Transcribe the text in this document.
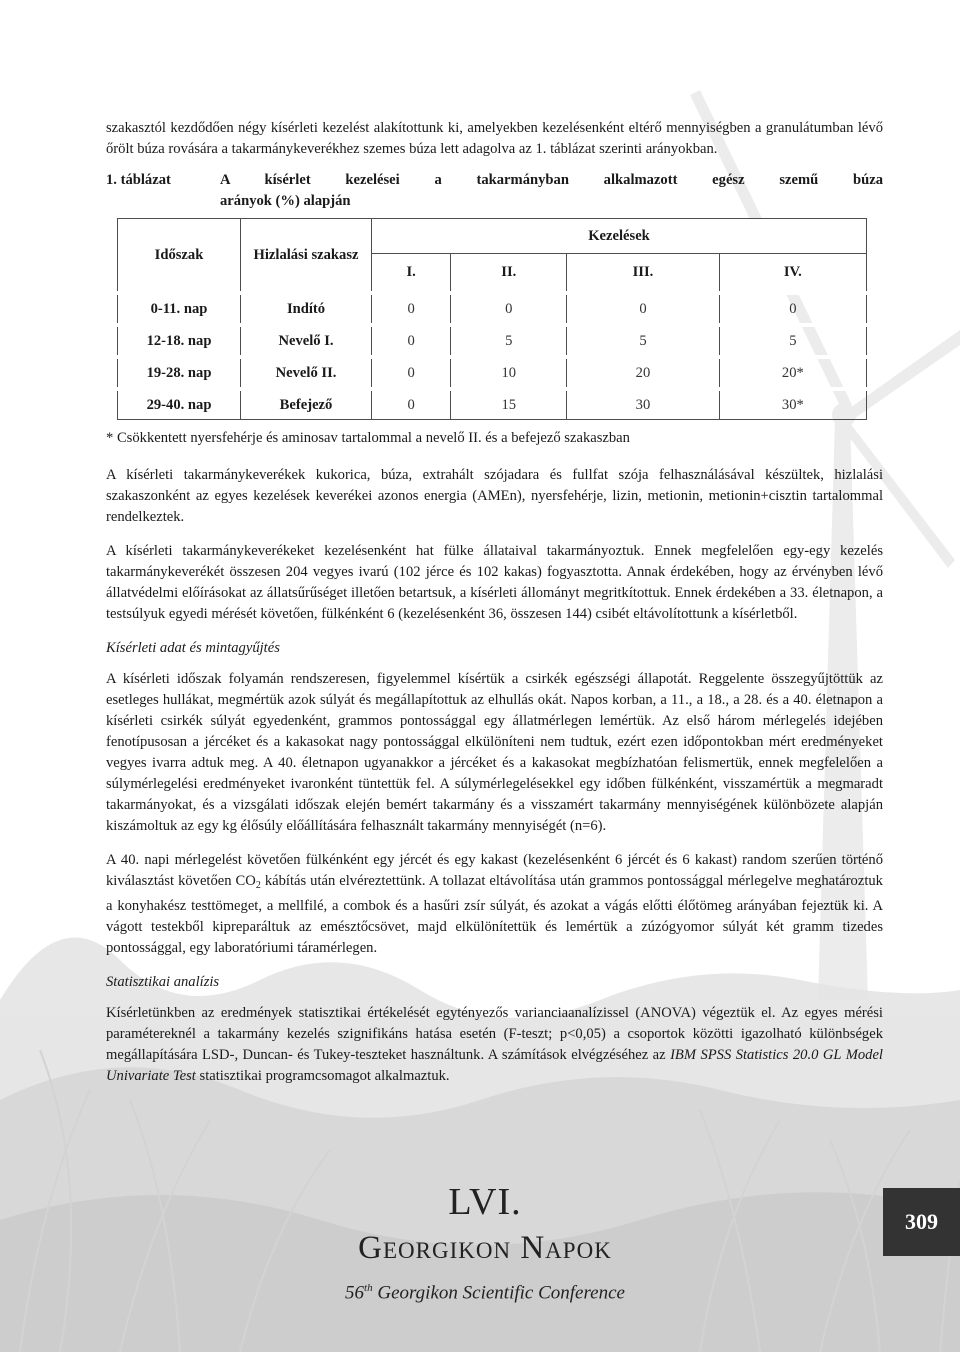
szakasztól kezdődően négy kísérleti kezelést alakítottunk ki, amelyekben kezelésenként eltérő mennyiségben a granulátumban lévő őrölt búza rovására a takarmánykeverékhez szemes búza lett adagolva az 1. táblázat szerinti arányokban.

1. táblázat	A kísérlet kezelései a takarmányban alkalmazott egész szemű búza
arányok (%) alapján
Időszak	Hizlalási szakasz	Kezelések			
		I.	II.	III.	IV.
0-11. nap	Indító	0	0	0	0
12-18. nap	Nevelő I.	0	5	5	5
19-28. nap	Nevelő II.	0	10	20	20*
29-40. nap	Befejező	0	15	30	30*

* Csökkentett nyersfehérje és aminosav tartalommal a nevelő II. és a befejező szakaszban

A kísérleti takarmánykeverékek kukorica, búza, extrahált szójadara és fullfat szója felhasználásával készültek, hizlalási szakaszonként az egyes kezelések keverékei azonos energia (AMEn), nyersfehérje, lizin, metionin, metionin+cisztin tartalommal rendelkeztek.

A kísérleti takarmánykeverékeket kezelésenként hat fülke állataival takarmányoztuk. Ennek megfelelően egy-egy kezelés takarmánykeverékét összesen 204 vegyes ivarú (102 jérce és 102 kakas) fogyasztotta. Annak érdekében, hogy az érvényben lévő állatvédelmi előírásokat az állatsűrűséget illetően betartsuk, a kísérleti állományt megritkítottuk. Ennek érdekében a 33. életnapon, a testsúlyuk egyedi mérését követően, fülkénként 6 (kezelésenként 36, összesen 144) csibét eltávolítottunk a kísérletből.

Kísérleti adat és mintagyűjtés

A kísérleti időszak folyamán rendszeresen, figyelemmel kísértük a csirkék egészségi állapotát. Reggelente összegyűjtöttük az esetleges hullákat, megmértük azok súlyát és megállapítottuk az elhullás okát. Napos korban, a 11., a 18., a 28. és a 40. életnapon a kísérleti csirkék súlyát egyedenként, grammos pontossággal egy állatmérlegen lemértük. Az első három mérlegelés idejében fenotípusosan a jércéket és a kakasokat nagy pontossággal elkülöníteni nem tudtuk, ezért ezen időpontokban mért eredményeket vegyes ivarra adtuk meg. A 40. életnapon ugyanakkor a jércéket és a kakasokat megbízhatóan felismertük, ennek megfelelően a súlymérlegelési eredményeket ivaronként tüntettük fel. A súlymérlegelésekkel egy időben fülkénként, visszamértük a megmaradt takarmányokat, és a vizsgálati időszak elején bemért takarmány és a visszamért takarmány mennyiségének különbözete alapján kiszámoltuk az egy kg élősúly előállítására felhasznált takarmány mennyiségét (n=6).

A 40. napi mérlegelést követően fülkénként egy jércét és egy kakast (kezelésenként 6 jércét és 6 kakast) random szerűen történő kiválasztást követően $CO_2$ kábítás után elvéreztettünk. A tollazat eltávolítása után grammos pontossággal mérlegelve meghatároztuk a konyhakész testtömeget, a mellfilé, a combok és a hasűri zsír súlyát, és azokat a vágás előtti élőtömeg arányában fejeztük ki. A vágott testekből kipreparáltuk az emésztőcsövet, majd elkülönítettük és lemértük a zúzógyomor súlyát két gramm tizedes pontossággal, egy laboratóriumi táramérlegen.

Statisztikai analízis

Kísérletünkben az eredmények statisztikai értékelését egytényezős varianciaanalízissel (ANOVA) végeztük el. Az egyes mérési paramétereknél a takarmány kezelés szignifikáns hatása esetén (F-teszt; p<0,05) a csoportok közötti igazolható különbségek megállapítására LSD-, Duncan- és Tukey-teszteket használtunk. A számítások elvégzéséhez az IBM SPSS Statistics 20.0 GL Model Univariate Test statisztikai programcsomagot alkalmaztuk.

LVI.
Georgikon Napok
56th Georgikon Scientific Conference
309
